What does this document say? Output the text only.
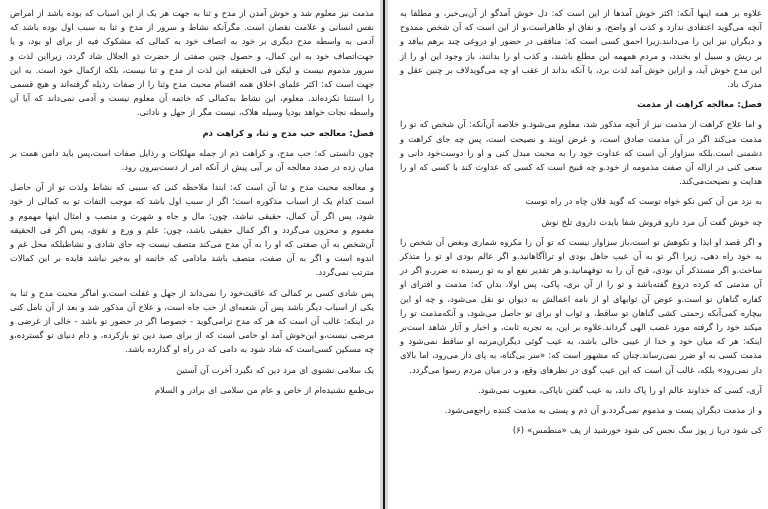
مذمت نیز معلوم شد و خوش آمدن از مدح و ثنا به جهت هر یک از این اسباب که بوده باشد از امراض نفس انسانی و علامت نقصان است. مگرآنکه نشاط و سرور از مدح و ثنا به سبب اول بوده باشد که آدمی به واسطه مدح دیگری بر خود به اتصاف خود به کمالی که مشکوک فیه از برای او بود، و یا جهت‌اتصاف خود به این کمال، و حصول چنین صفتی از حضرت ذو الجلال شاد گردد، زیرااین لذت و سرور مذموم نیست و لیکن فی الحقیقه این لذت از مدح و ثنا نیست، بلکه ازکمال خود است. به این جهت است که: اکثر علمای اخلاق همه اقسام محبت مدح وثنا را از صفات رذیله گرفته‌اند و هیچ قسمی را استثنا نکرده‌اند. معلوم، این نشاط به‌کمالی که خاتمه آن معلوم نیست و آدمی نمی‌داند که آیا آن واسطه نجات خواهد بودیا وسیله هلاک، نیست مگر از جهل و نادانی.

فصل: معالجه حب مدح و ثنا، و کراهت ذم

چون دانستی که: حب مدح، و کراهت ذم از جمله مهلکات و رذایل صفات است،پس باید دامن همت بر میان زده در صدد معالجه آن بر آیی پیش از آنکه امر از دست‌بیرون رود.

و معالجه محبت مدح و ثنا آن است که: ابتدا ملاحظه کنی که سببی که نشاط ولذت تو از آن حاصل است کدام یک از اسباب مذکوره است؛ اگر از سبب اول باشد که موجب التفات تو به کمالی از خود شود، پس اگر آن کمال، حقیقی نباشد، چون: مال و جاه و شهرت و منصب و امثال اینها مهموم و مغموم و محزون می‌گردد و اگر کمال حقیقی باشد، چون: علم و ورع و تقوی، پس اگر فی الحقیقه آن‌شخص به آن صفتی که او را به آن مدح می‌کند متصف نیست چه جای شادی و نشاطبلکه محل غم و اندوه است و اگر به آن صفت، متصف باشد مادامی که خاتمه او به‌خیر نباشد فایده بر این کمالات مترتب نمی‌گردد.

پس شادی کسی بر کمالی که عاقبت‌خود را نمی‌داند از جهل و غفلت است.و اماگر محبت مدح و ثنا به یکی از اسباب دیگر باشد پس آن شعبه‌ای از حب جاه است، و علاج آن مذکور شد و بعد از آن تامل کنی در اینکه: غالب آن است که هر که مدح ترامی‌گوید - خصوصا اگر در حضور تو باشد - خالی از غرضی و مرضی نیست،و این‌خوش آمد او خامی است که از برای صید دین تو بازکرده، و دام دنیای تو گسترده،و چه مسکین کسی‌است که شاد شود به دامی که در راه او گذارده باشد.

یک سلامی نشنوی ای مرد دین که نگیرد آخرت آن آستین

بی‌طمع نشنیده‌ام از خاص و عام من سلامی ای برادر و السلام

علاوه بر همه اینها آنکه: اکثر خوش آمدها از این است که: دل خوش آمدگو از آن‌بی‌خبر، و مطلقا به آنچه می‌گوید اعتقادی ندارد و کذب او واضح، و نفاق او ظاهراست،و از این است که آن شخص ممدوح و دیگران نیز این را می‌دانند.زیرا احمق کسی است که: منافقی در حضور او دروغی چند برهم بیافد و بر ریش و سبیل او بخندد، و مردم همهمه این مطلع باشند، و کذب او را بدانند، باز وجود این او را از این مدح خوش آید، و ازاین خوش آمد لذت برد، با آنکه بداند از عقب او چه می‌گویدلاف بر چنین عقل و مدرک باد.

فصل: معالجه کراهت از مذمت

و اما علاج کراهت از مذمت نیز از آنچه مذکور شد، معلوم می‌شود.و خلاصه آن‌آنکه: آن شخص که تو را مذمت می‌کند اگر در آن مذمت صادق است، و غرض اوپند و نصیحت است، پس چه جای کراهت و دشمنی است.بلکه سزاوار آن است که عداوت خود را به محبت مبدل کنی و او را دوست‌خود دانی و سعی کنی در ازاله آن صفت مذمومه از خود.و چه قبیح است که کسی که عداوت کند با کسی که او را هدایت و نصیحت‌می‌کند.

به نزد من آن کس نکو خواه توست که گوید فلان چاه در راه توست

چه خوش گفت آن مرد دارو فروش شفا بایدت داروی تلخ نوش

و اگر قصد او ایذا و نکوهش تو است،باز سزاوار نیست که تو آن را مکروه شماری وبغض آن شخص را به خود راه دهی، زیرا اگر تو به آن عیب جاهل بودی او تراآگاهانید.و اگر عالم بودی او تو را متذکر ساخت.و اگر مستذکر آن بودی، قبح آن را به توفهمانید.و هر تقدیر نفع او به تو رسیده نه ضرر.و اگر در آن مذمتی که کرده دروغ گفته‌باشد و تو را از آن بری، پاکی، پس اولا، بدان که: مذمت و افترای او کفاره گناهان تو است.و عوض آن ثوابهای او از نامه اعمالش به دیوان تو نقل می‌شود، و چه او این بیچاره کمی‌آنکه زحمتی کشی گناهان تو ساقط، و ثواب او برای تو حاصل می‌شود، و آنکه‌مذمت تو را میکند خود را گرفته مورد غضب الهی گرداند.علاوه بر این، به تجربه ثابت، و اخبار و آثار شاهد است‌بر اینکه: هر که میان خود و خدا از عیبی خالی باشد، به عیب گوئی دیگران‌مرتبه او ساقط نمی‌شود و مذمت کسی به او ضرر نمی‌رساند.چنان که مشهور است که: «سر بی‌گناه، به پای دار می‌رود، اما بالای دار نمی‌رود» بلکه، غالب آن است که این عیب گوی در نظرهای وقع، و در میان مردم رسوا می‌گردد.

آری، کسی که خداوند عالم او را پاک داند، به عیب گفتن ناپاکی، معیوب نمی‌شود.

و از مذمت دیگران پست و مذموم نمی‌گردد.و آن ذم و پستی به مذمت کننده راجع‌می‌شود.

کی شود دریا ز پوز سگ نجس کی شود خورشید از پف «منطمس» (۶)
